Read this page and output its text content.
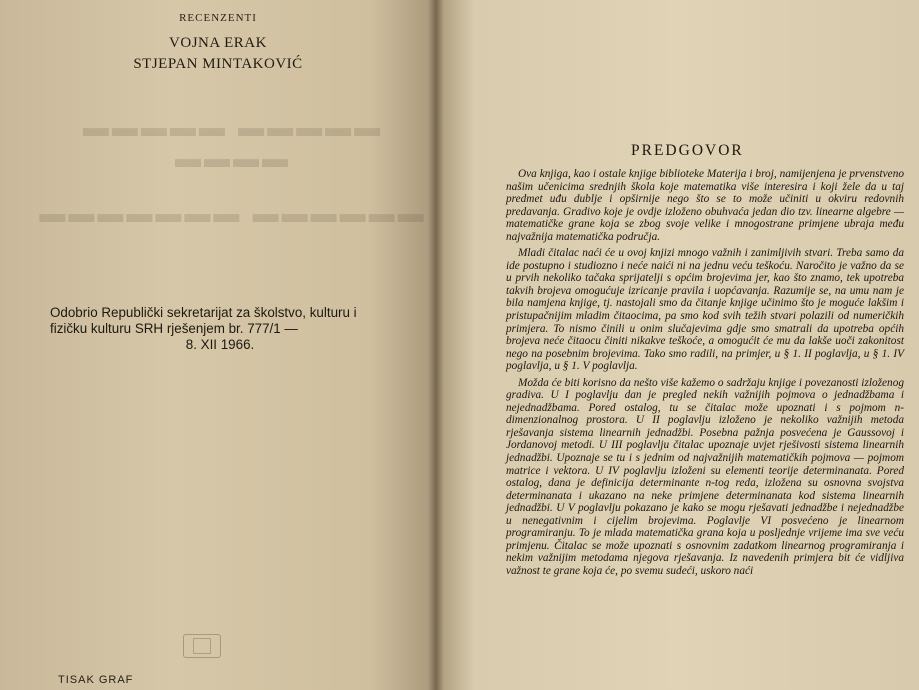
RECENZENTI
VOJNA ERAK
STJEPAN MINTAKOVIĆ
▬▬▬▬▬ ▬▬▬▬▬ ▬▬▬▬
▬▬▬▬▬▬ ▬▬▬▬▬▬▬
Odobrio Republički sekretarijat za školstvo, kulturu i fizičku kulturu SRH rješenjem br. 777/1 —
8. XII 1966.
TISAK GRAF
PREDGOVOR

Ova knjiga, kao i ostale knjige biblioteke Materija i broj, namijenjena je prvenstveno našim učenicima srednjih škola koje matematika više interesira i koji žele da u taj predmet uđu dublje i opširnije nego što se to može učiniti u okviru redovnih predavanja. Gradivo koje je ovdje izloženo obuhvaća jedan dio tzv. linearne algebre — matematičke grane koja se zbog svoje velike i mnogostrane primjene ubraja među najvažnija matematička područja.

Mladi čitalac naći će u ovoj knjizi mnogo važnih i zanimljivih stvari. Treba samo da ide postupno i studiozno i neće naići ni na jednu veću teškoću. Naročito je važno da se u prvih nekoliko tačaka sprijatelji s općim brojevima jer, kao što znamo, tek upotreba takvih brojeva omogućuje izricanje pravila i uopćavanja. Razumije se, na umu nam je bila namjena knjige, tj. nastojali smo da čitanje knjige učinimo što je moguće lakšim i pristupačnijim mladim čitaocima, pa smo kod svih težih stvari polazili od numeričkih primjera. To nismo činili u onim slučajevima gdje smo smatrali da upotreba općih brojeva neće čitaocu činiti nikakve teškoće, a omogućit će mu da lakše uoči zakonitost nego na posebnim brojevima. Tako smo radili, na primjer, u § 1. II poglavlja, u § 1. IV poglavlja, u § 1. V poglavlja.

Možda će biti korisno da nešto više kažemo o sadržaju knjige i povezanosti izloženog gradiva. U I poglavlju dan je pregled nekih važnijih pojmova o jednadžbama i nejednadžbama. Pored ostalog, tu se čitalac može upoznati i s pojmom n-dimenzionalnog prostora. U II poglavlju izloženo je nekoliko važnijih metoda rješavanja sistema linearnih jednadžbi. Posebna pažnja posvećena je Gaussovoj i Jordanovoj metodi. U III poglavlju čitalac upoznaje uvjet rješivosti sistema linearnih jednadžbi. Upoznaje se tu i s jednim od najvažnijih matematičkih pojmova — pojmom matrice i vektora. U IV poglavlju izloženi su elementi teorije determinanata. Pored ostalog, dana je definicija determinante n-tog reda, izložena su osnovna svojstva determinanata i ukazano na neke primjene determinanata kod sistema linearnih jednadžbi. U V poglavlju pokazano je kako se mogu rješavati jednadžbe i nejednadžbe u nenegativnim i cijelim brojevima. Poglavlje VI posvećeno je linearnom programiranju. To je mlada matematička grana koja u posljednje vrijeme ima sve veću primjenu. Čitalac se može upoznati s osnovnim zadatkom linearnog programiranja i nekim važnijim metodama njegova rješavanja. Iz navedenih primjera bit će vidljiva važnost te grane koja će, po svemu sudeći, uskoro naći
